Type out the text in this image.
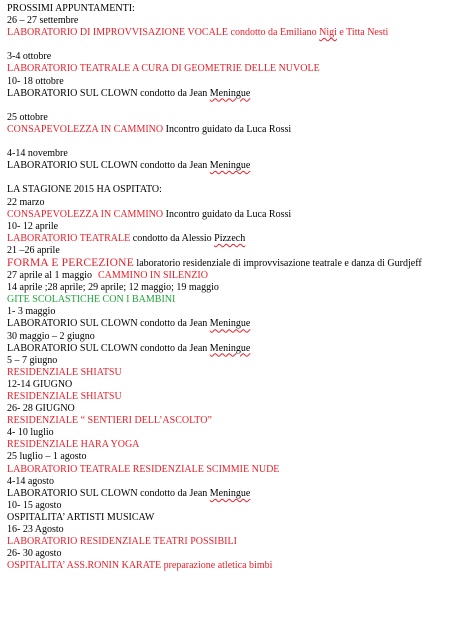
PROSSIMI APPUNTAMENTI:
26 – 27 settembre
LABORATORIO DI IMPROVVISAZIONE VOCALE condotto da Emiliano Nigi e Titta Nesti
3-4 ottobre
LABORATORIO TEATRALE A CURA DI GEOMETRIE DELLE NUVOLE
10- 18 ottobre
LABORATORIO SUL CLOWN condotto da Jean Meningue
25 ottobre
CONSAPEVOLEZZA IN CAMMINO Incontro guidato da Luca Rossi
4-14 novembre
LABORATORIO SUL CLOWN condotto da Jean Meningue
LA STAGIONE 2015 HA OSPITATO:
22 marzo
CONSAPEVOLEZZA IN CAMMINO Incontro guidato da Luca Rossi
10- 12 aprile
LABORATORIO TEATRALE condotto da Alessio Pizzech
21 –26 aprile
FORMA E PERCEZIONE laboratorio residenziale di improvvisazione teatrale e danza di Gurdjeff
27 aprile al 1 maggio CAMMINO IN SILENZIO
14 aprile ;28 aprile; 29 aprile; 12 maggio; 19 maggio
GITE SCOLASTICHE CON I BAMBINI
1- 3 maggio
LABORATORIO SUL CLOWN condotto da Jean Meningue
30 maggio – 2 giugno
LABORATORIO SUL CLOWN condotto da Jean Meningue
5 – 7 giugno
RESIDENZIALE SHIATSU
12-14 GIUGNO
RESIDENZIALE SHIATSU
26- 28 GIUGNO
RESIDENZIALE “ SENTIERI DELL’ASCOLTO”
4- 10 luglio
RESIDENZIALE HARA YOGA
25 luglio – 1 agosto
LABORATORIO TEATRALE RESIDENZIALE SCIMMIE NUDE
4-14 agosto
LABORATORIO SUL CLOWN condotto da Jean Meningue
10- 15 agosto
OSPITALITA’ ARTISTI MUSICAW
16- 23 Agosto
LABORATORIO RESIDENZIALE TEATRI POSSIBILI
26- 30 agosto
OSPITALITA’ ASS.RONIN KARATE preparazione atletica bimbi
